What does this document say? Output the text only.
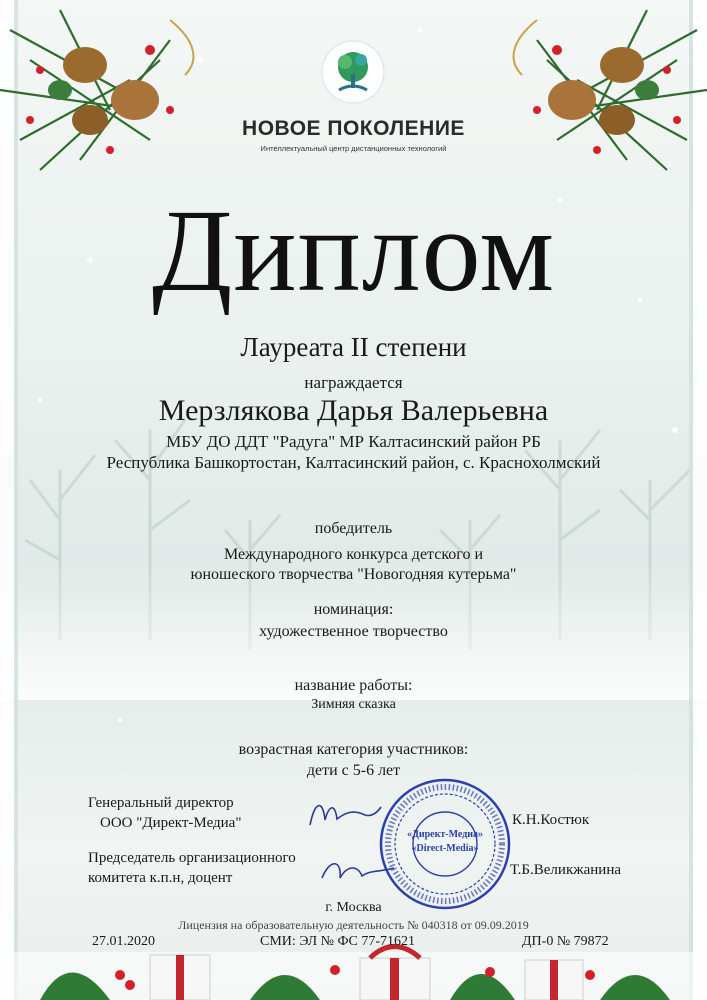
НОВОЕ ПОКОЛЕНИЕ
Интеллектуальный центр дистанционных технологий
Диплом
Лауреата II степени
награждается
Мерзлякова Дарья Валерьевна
МБУ ДО ДДТ "Радуга" МР Калтасинский район РБ
Республика Башкортостан, Калтасинский район, с. Краснохолмский
победитель
Международного конкурса детского и
юношеского творчества "Новогодняя кутерьма"
номинация:
художественное творчество
название работы:
Зимняя сказка
возрастная категория участников:
дети с 5-6 лет
Генеральный директор
ООО "Директ-Медиа"	К.Н.Костюк
Председатель организационного
комитета к.п.н, доцент	Т.Б.Великжанина
«Директ-Медиа»
«Direct-Media»
г. Москва
Лицензия на образовательную деятельность № 040318 от 09.09.2019
27.01.2020	СМИ: ЭЛ № ФС 77-71621	ДП-0 № 79872
